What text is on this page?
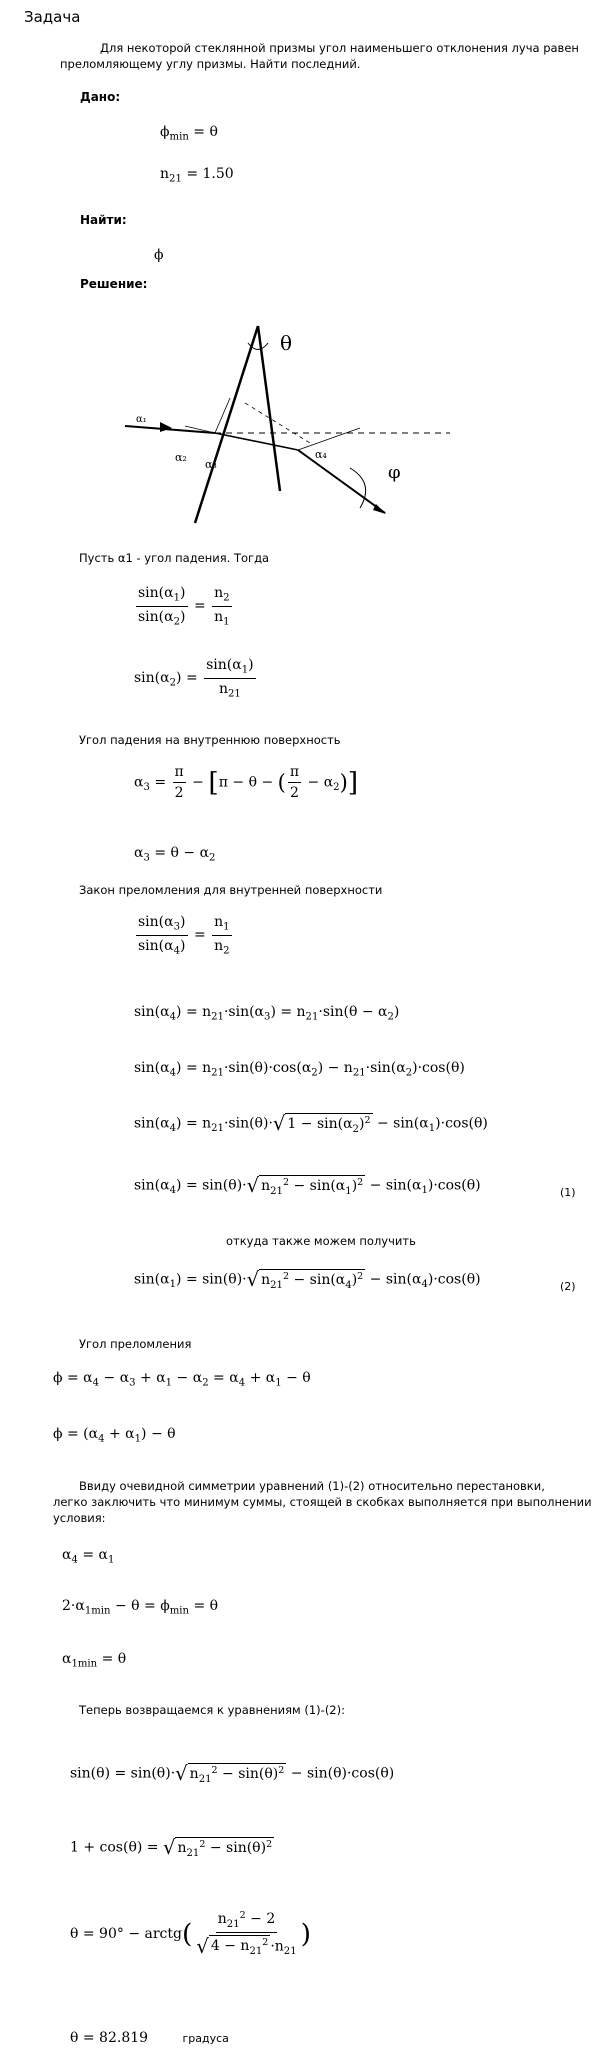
Задача
Для некоторой стеклянной призмы угол наименьшего отклонения луча равен
преломляющему углу призмы. Найти последний.
Дано:
$\phi_{min} = \theta$
$n_{21} = 1.50$
Найти:
ϕ
Решение:
θ
φ
α₁
α₂
α₃
α₄
Пусть α1 - угол падения. Тогда
$\frac{\sin(\alpha_1)}{\sin(\alpha_2)} = \frac{n_2}{n_1}$
$\sin(\alpha_2) = \frac{\sin(\alpha_1)}{n_{21}}$
Угол падения на внутреннюю поверхность
$\alpha_3 = \frac{\pi}{2} - [\pi - \theta$ − ( $\frac{\pi}{2} - \alpha_2$)]
$\alpha_3 = \theta - \alpha_2$
Закон преломления для внутренней поверхности
$\frac{\sin(\alpha_3)}{\sin(\alpha_4)} = \frac{n_1}{n_2}$
$\sin(\alpha_4) = n_{21}\cdot\sin(\alpha_3) = n_{21}\cdot\sin(\theta - \alpha_2)$
$\sin(\alpha_4) = n_{21}\cdot\sin(\theta)\cdot\cos(\alpha_2) - n_{21}\cdot\sin(\alpha_2)\cdot\cos(\theta)$
$\sin(\alpha_4) = n_{21}\cdot\sin(\theta)\cdot√$ $1 - \sin(\alpha_2)^2 - \sin(\alpha_1)\cdot\cos(\theta)$
$\sin(\alpha_4) = \sin(\theta)\cdot√$ $n_{21}^2 - \sin(\alpha_1)^2 - \sin(\alpha_1)\cdot\cos(\theta)$	(1)
откуда также можем получить
$\sin(\alpha_1) = \sin(\theta)\cdot√$ $n_{21}^2 - \sin(\alpha_4)^2 - \sin(\alpha_4)\cdot\cos(\theta)$	(2)
Угол преломления
$\phi = \alpha_4 - \alpha_3 + \alpha_1 - \alpha_2 = \alpha_4 + \alpha_1 - \theta$
$\phi = (\alpha_4 + \alpha_1) - \theta$
Ввиду очевидной симметрии уравнений (1)-(2) относительно перестановки,
легко заключить что минимум суммы, стоящей в скобках выполняется при выполнении
условия:
$\alpha_4 = \alpha_1$
$2\cdot\alpha_{1min} - \theta = \phi_{min} = \theta$
$\alpha_{1min} = \theta$
Теперь возвращаемся к уравнениям (1)-(2):
sin(θ) = sin(θ)·√ $n_{21}^2 - \sin(\theta)^2 - \sin(\theta)\cdot\cos(\theta)$
1 + cos(θ) = √ $n_{21}^2 - \sin(\theta)^2$
θ = 90° − arctg( $\frac{n_{21}^2 - 2}{√ 4 - n_{21}^2 \cdot n_{21}}$ )
θ = 82.819	градуса
